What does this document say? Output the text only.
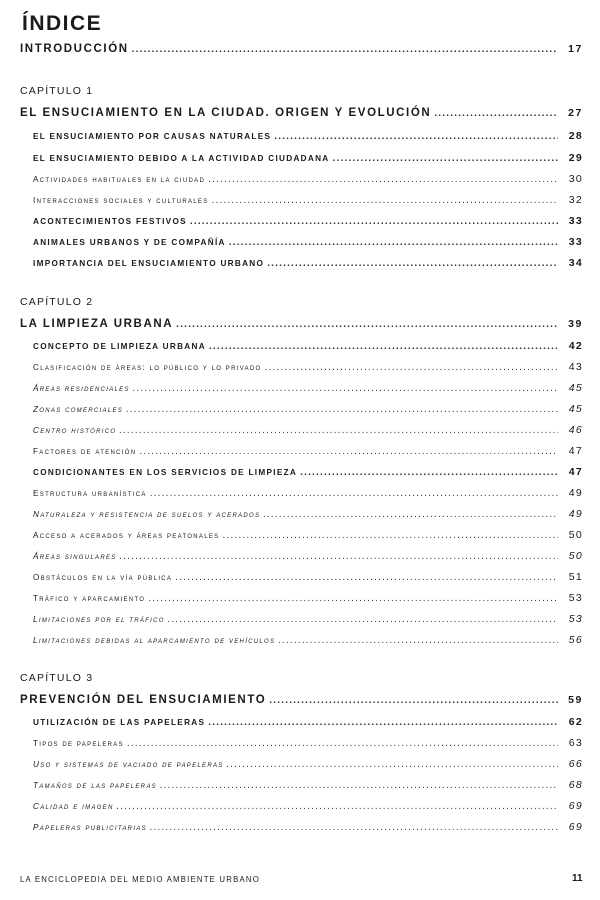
ÍNDICE
INTRODUCCIÓN .....	17
CAPÍTULO 1
EL ENSUCIAMIENTO EN LA CIUDAD. ORIGEN Y EVOLUCIÓN .....	27
EL ENSUCIAMIENTO POR CAUSAS NATURALES .....	28
EL ENSUCIAMIENTO DEBIDO A LA ACTIVIDAD CIUDADANA .....	29
Actividades habituales en la ciudad .....	30
Interacciones sociales y culturales .....	32
ACONTECIMIENTOS FESTIVOS .....	33
ANIMALES URBANOS Y DE COMPAÑÍA .....	33
IMPORTANCIA DEL ENSUCIAMIENTO URBANO .....	34
CAPÍTULO 2
LA LIMPIEZA URBANA .....	39
CONCEPTO DE LIMPIEZA URBANA .....	42
Clasificación de áreas: lo público y lo privado .....	43
Áreas residenciales .....	45
Zonas comerciales .....	45
Centro histórico .....	46
Factores de atención .....	47
CONDICIONANTES EN LOS SERVICIOS DE LIMPIEZA .....	47
Estructura urbanística .....	49
Naturaleza y resistencia de suelos y acerados .....	49
Acceso a acerados y áreas peatonales .....	50
Áreas singulares .....	50
Obstáculos en la vía pública .....	51
Tráfico y aparcamiento .....	53
Limitaciones por el tráfico .....	53
Limitaciones debidas al aparcamiento de vehículos .....	56
CAPÍTULO 3
PREVENCIÓN DEL ENSUCIAMIENTO .....	59
UTILIZACIÓN DE LAS PAPELERAS .....	62
Tipos de papeleras .....	63
Uso y sistemas de vaciado de papeleras .....	66
Tamaños de las papeleras .....	68
Calidad e imagen .....	69
Papeleras publicitarias .....	69
LA ENCICLOPEDIA DEL MEDIO AMBIENTE URBANO	11
